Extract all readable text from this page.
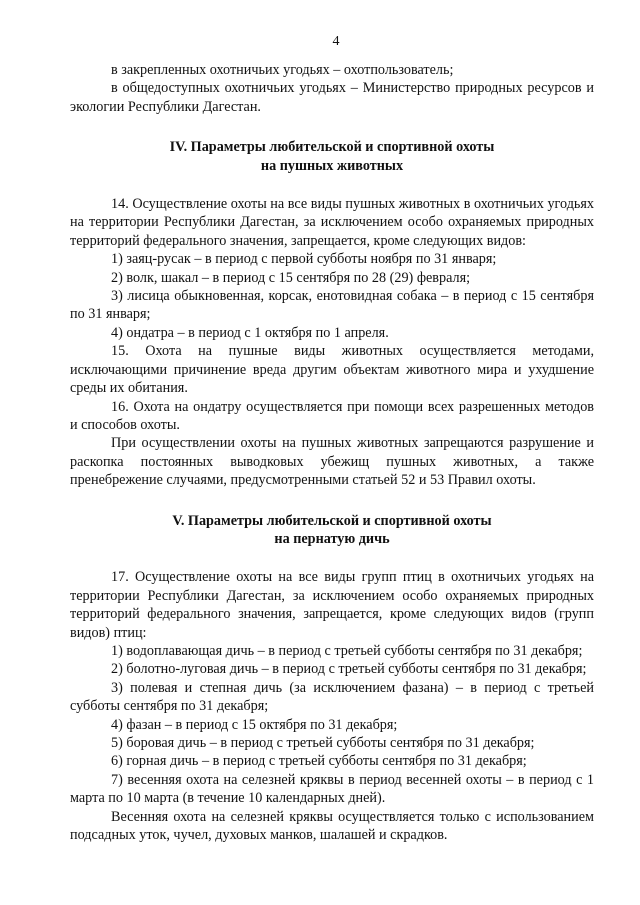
4

в закрепленных охотничьих угодьях – охотпользователь;

в общедоступных охотничьих угодьях – Министерство природных ресурсов и экологии Республики Дагестан.

IV. Параметры любительской и спортивной охоты

на пушных животных

14. Осуществление охоты на все виды пушных животных в охотничьих угодьях на территории Республики Дагестан, за исключением особо охраняемых природных территорий федерального значения, запрещается, кроме следующих видов:

1) заяц-русак – в период с первой субботы ноября по 31 января;

2) волк, шакал – в период с 15 сентября по 28 (29) февраля;

3) лисица обыкновенная, корсак, енотовидная собака – в период с 15 сентября по 31 января;

4) ондатра – в период с 1 октября по 1 апреля.

15. Охота на пушные виды животных осуществляется методами, исключающими причинение вреда другим объектам животного мира и ухудшение среды их обитания.

16. Охота на ондатру осуществляется при помощи всех разрешенных методов и способов охоты.

При осуществлении охоты на пушных животных запрещаются разрушение и раскопка постоянных выводковых убежищ пушных животных, а также пренебрежение случаями, предусмотренными статьей 52 и 53 Правил охоты.

V. Параметры любительской и спортивной охоты

на пернатую дичь

17. Осуществление охоты на все виды групп птиц в охотничьих угодьях на территории Республики Дагестан, за исключением особо охраняемых природных территорий федерального значения, запрещается, кроме следующих видов (групп видов) птиц:

1) водоплавающая дичь – в период с третьей субботы сентября по 31 декабря;

2) болотно-луговая дичь – в период с третьей субботы сентября по 31 декабря;

3) полевая и степная дичь (за исключением фазана) – в период с третьей субботы сентября по 31 декабря;

4) фазан – в период с 15 октября по 31 декабря;

5) боровая дичь – в период с третьей субботы сентября по 31 декабря;

6) горная дичь – в период с третьей субботы сентября по 31 декабря;

7) весенняя охота на селезней кряквы в период весенней охоты – в период с 1 марта по 10 марта (в течение 10 календарных дней).

Весенняя охота на селезней кряквы осуществляется только с использованием подсадных уток, чучел, духовых манков, шалашей и скрадков.
